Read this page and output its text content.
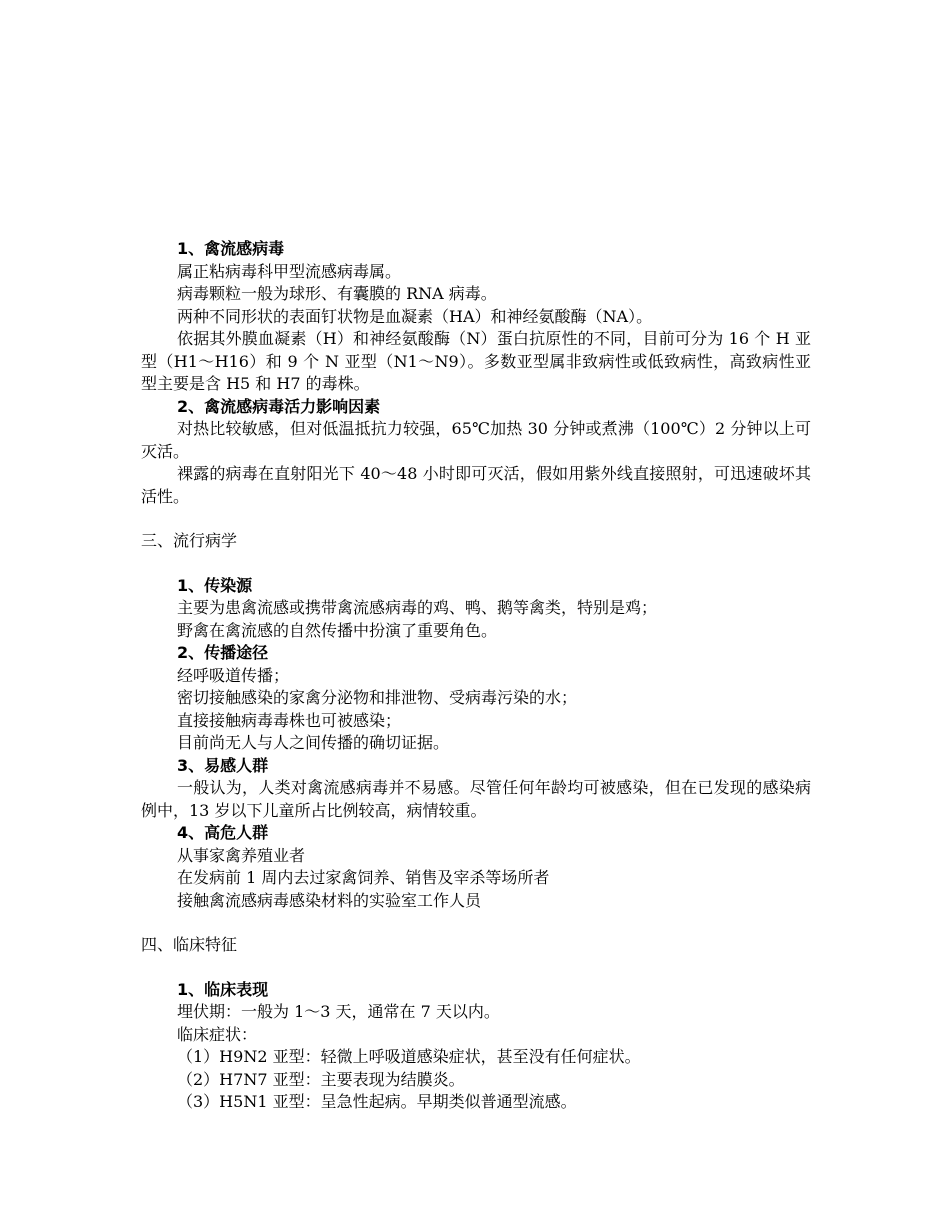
1、禽流感病毒

属正粘病毒科甲型流感病毒属。

病毒颗粒一般为球形、有囊膜的 RNA 病毒。

两种不同形状的表面钉状物是血凝素（HA）和神经氨酸酶（NA）。

依据其外膜血凝素（H）和神经氨酸酶（N）蛋白抗原性的不同，目前可分为 16 个 H 亚型（H1～H16）和 9 个 N 亚型（N1～N9）。多数亚型属非致病性或低致病性，高致病性亚型主要是含 H5 和 H7 的毒株。

2、禽流感病毒活力影响因素

对热比较敏感，但对低温抵抗力较强，65℃加热 30 分钟或煮沸（100℃）2 分钟以上可灭活。

裸露的病毒在直射阳光下 40～48 小时即可灭活，假如用紫外线直接照射，可迅速破坏其活性。

三、流行病学

1、传染源

主要为患禽流感或携带禽流感病毒的鸡、鸭、鹅等禽类，特别是鸡；

野禽在禽流感的自然传播中扮演了重要角色。

2、传播途径

经呼吸道传播；

密切接触感染的家禽分泌物和排泄物、受病毒污染的水；

直接接触病毒毒株也可被感染；

目前尚无人与人之间传播的确切证据。

3、易感人群

一般认为，人类对禽流感病毒并不易感。尽管任何年龄均可被感染，但在已发现的感染病例中，13 岁以下儿童所占比例较高，病情较重。

4、高危人群

从事家禽养殖业者

在发病前 1 周内去过家禽饲养、销售及宰杀等场所者

接触禽流感病毒感染材料的实验室工作人员

四、临床特征

1、临床表现

埋伏期：一般为 1～3 天，通常在 7 天以内。

临床症状：

（1）H9N2 亚型：轻微上呼吸道感染症状，甚至没有任何症状。

（2）H7N7 亚型：主要表现为结膜炎。

（3）H5N1 亚型：呈急性起病。早期类似普通型流感。
